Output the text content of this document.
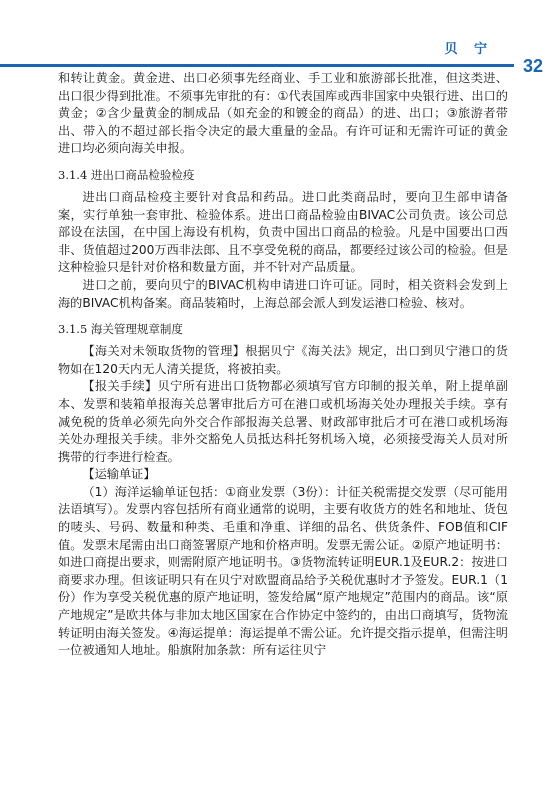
贝 宁
32

和转让黄金。黄金进、出口必须事先经商业、手工业和旅游部长批准，但这类进、出口很少得到批准。不须事先审批的有：①代表国库或西非国家中央银行进、出口的黄金；②含少量黄金的制成品（如充金的和镀金的商品）的进、出口；③旅游者带出、带入的不超过部长指令决定的最大重量的金品。有许可证和无需许可证的黄金进口均必须向海关申报。

3.1.4 进出口商品检验检疫

进出口商品检疫主要针对食品和药品。进口此类商品时，要向卫生部申请备案，实行单独一套审批、检验体系。进出口商品检验由BIVAC公司负责。该公司总部设在法国，在中国上海设有机构，负责中国出口商品的检验。凡是中国要出口西非、货值超过200万西非法郎、且不享受免税的商品，都要经过该公司的检验。但是这种检验只是针对价格和数量方面，并不针对产品质量。

进口之前，要向贝宁的BIVAC机构申请进口许可证。同时，相关资料会发到上海的BIVAC机构备案。商品装箱时，上海总部会派人到发运港口检验、核对。

3.1.5 海关管理规章制度

【海关对未领取货物的管理】根据贝宁《海关法》规定，出口到贝宁港口的货物如在120天内无人清关提货，将被拍卖。

【报关手续】贝宁所有进出口货物都必须填写官方印制的报关单，附上提单副本、发票和装箱单报海关总署审批后方可在港口或机场海关处办理报关手续。享有减免税的货单必须先向外交合作部报海关总署、财政部审批后才可在港口或机场海关处办理报关手续。非外交豁免人员抵达科托努机场入境，必须接受海关人员对所携带的行李进行检查。

【运输单证】

（1）海洋运输单证包括：①商业发票（3份）：计征关税需提交发票（尽可能用法语填写）。发票内容包括所有商业通常的说明，主要有收货方的姓名和地址、货包的唛头、号码、数量和种类、毛重和净重、详细的品名、供货条件、FOB值和CIF值。发票末尾需由出口商签署原产地和价格声明。发票无需公证。②原产地证明书：如进口商提出要求，则需附原产地证明书。③货物流转证明EUR.1及EUR.2：按进口商要求办理。但该证明只有在贝宁对欧盟商品给予关税优惠时才予签发。EUR.1（1份）作为享受关税优惠的原产地证明，签发给属“原产地规定”范围内的商品。该“原产地规定”是欧共体与非加太地区国家在合作协定中签约的，由出口商填写，货物流转证明由海关签发。④海运提单：海运提单不需公证。允许提交指示提单，但需注明一位被通知人地址。船旗附加条款：所有运往贝宁
